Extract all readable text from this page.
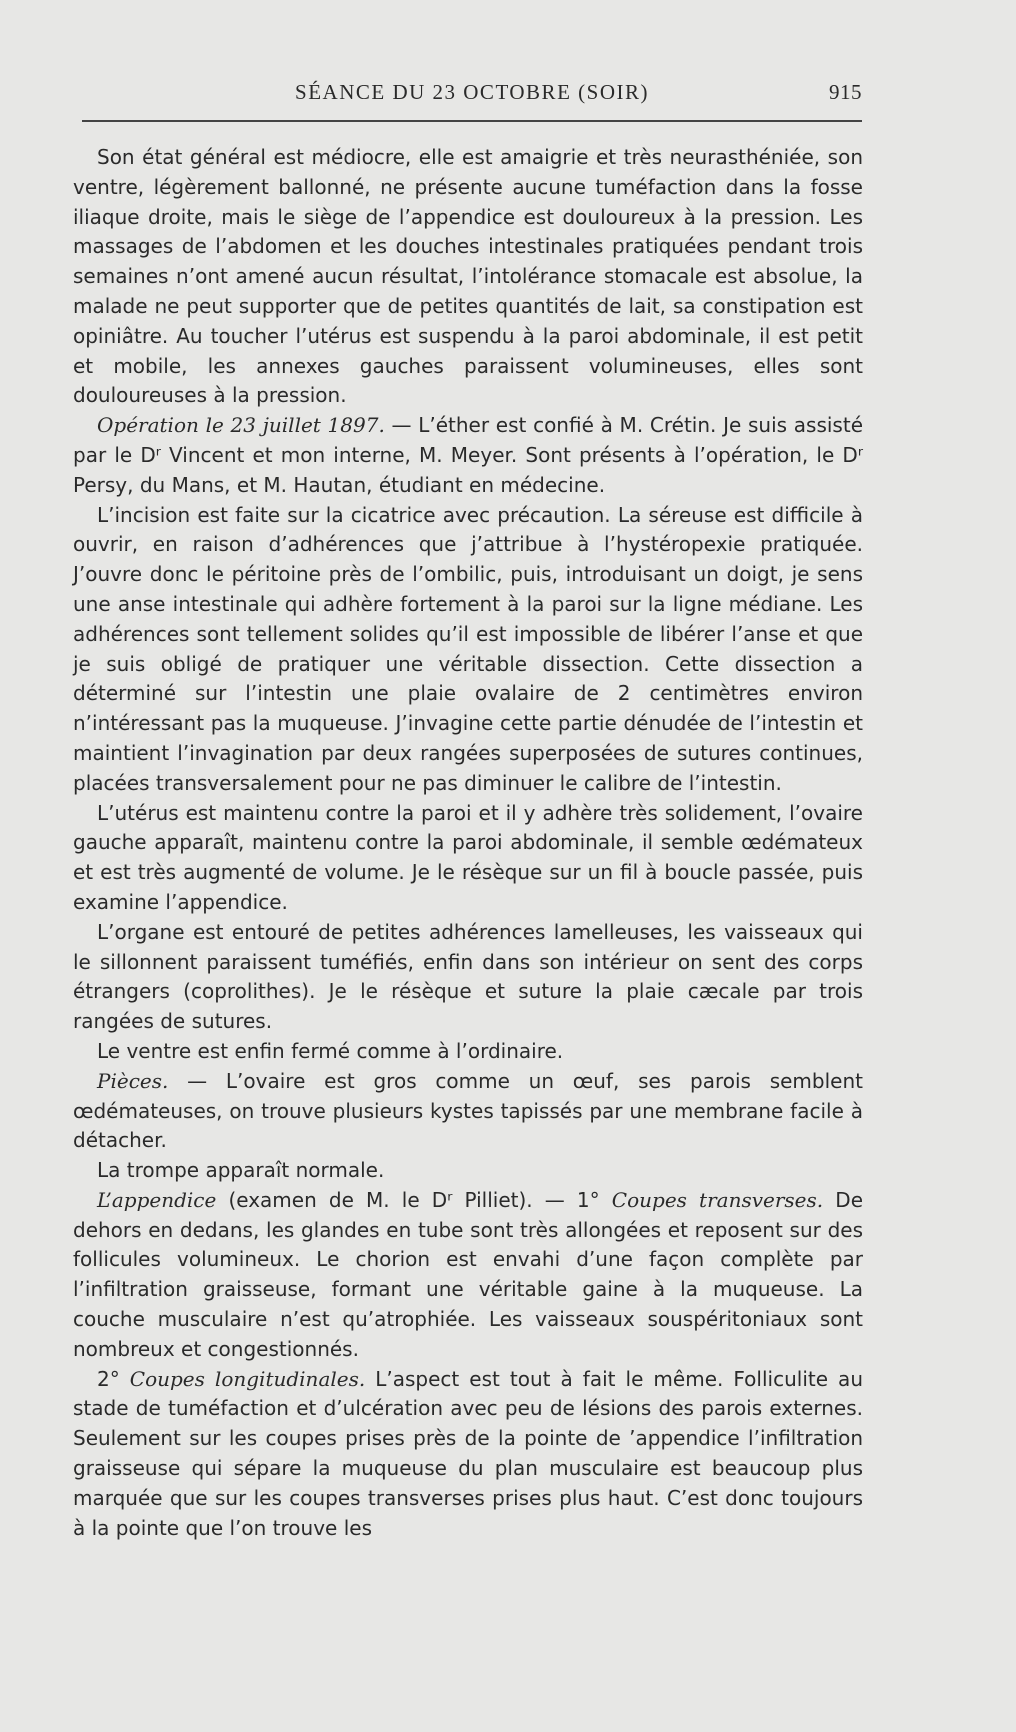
SÉANCE DU 23 OCTOBRE (SOIR)	915

Son état général est médiocre, elle est amaigrie et très neurasthéniée, son ventre, légèrement ballonné, ne présente aucune tuméfaction dans la fosse iliaque droite, mais le siège de l’appendice est douloureux à la pression. Les massages de l’abdomen et les douches intestinales pratiquées pendant trois semaines n’ont amené aucun résultat, l’intolérance stomacale est absolue, la malade ne peut supporter que de petites quantités de lait, sa constipation est opiniâtre. Au toucher l’utérus est suspendu à la paroi abdominale, il est petit et mobile, les annexes gauches paraissent volumineuses, elles sont douloureuses à la pression.

Opération le 23 juillet 1897. — L’éther est confié à M. Crétin. Je suis assisté par le Dʳ Vincent et mon interne, M. Meyer. Sont présents à l’opération, le Dʳ Persy, du Mans, et M. Hautan, étudiant en médecine.

L’incision est faite sur la cicatrice avec précaution. La séreuse est difficile à ouvrir, en raison d’adhérences que j’attribue à l’hystéropexie pratiquée. J’ouvre donc le péritoine près de l’ombilic, puis, introduisant un doigt, je sens une anse intestinale qui adhère fortement à la paroi sur la ligne médiane. Les adhérences sont tellement solides qu’il est impossible de libérer l’anse et que je suis obligé de pratiquer une véritable dissection. Cette dissection a déterminé sur l’intestin une plaie ovalaire de 2 centimètres environ n’intéressant pas la muqueuse. J’invagine cette partie dénudée de l’intestin et maintient l’invagination par deux rangées superposées de sutures continues, placées transversalement pour ne pas diminuer le calibre de l’intestin.

L’utérus est maintenu contre la paroi et il y adhère très solidement, l’ovaire gauche apparaît, maintenu contre la paroi abdominale, il semble œdémateux et est très augmenté de volume. Je le résèque sur un fil à boucle passée, puis examine l’appendice.

L’organe est entouré de petites adhérences lamelleuses, les vaisseaux qui le sillonnent paraissent tuméfiés, enfin dans son intérieur on sent des corps étrangers (coprolithes). Je le résèque et suture la plaie cæcale par trois rangées de sutures.

Le ventre est enfin fermé comme à l’ordinaire.

Pièces. — L’ovaire est gros comme un œuf, ses parois semblent œdémateuses, on trouve plusieurs kystes tapissés par une membrane facile à détacher.

La trompe apparaît normale.

L’appendice (examen de M. le Dʳ Pilliet). — 1° Coupes transverses. De dehors en dedans, les glandes en tube sont très allongées et reposent sur des follicules volumineux. Le chorion est envahi d’une façon complète par l’infiltration graisseuse, formant une véritable gaine à la muqueuse. La couche musculaire n’est qu’atrophiée. Les vaisseaux souspéritoniaux sont nombreux et congestionnés.

2° Coupes longitudinales. L’aspect est tout à fait le même. Folliculite au stade de tuméfaction et d’ulcération avec peu de lésions des parois externes. Seulement sur les coupes prises près de la pointe de ’appendice l’infiltration graisseuse qui sépare la muqueuse du plan musculaire est beaucoup plus marquée que sur les coupes transverses prises plus haut. C’est donc toujours à la pointe que l’on trouve les
